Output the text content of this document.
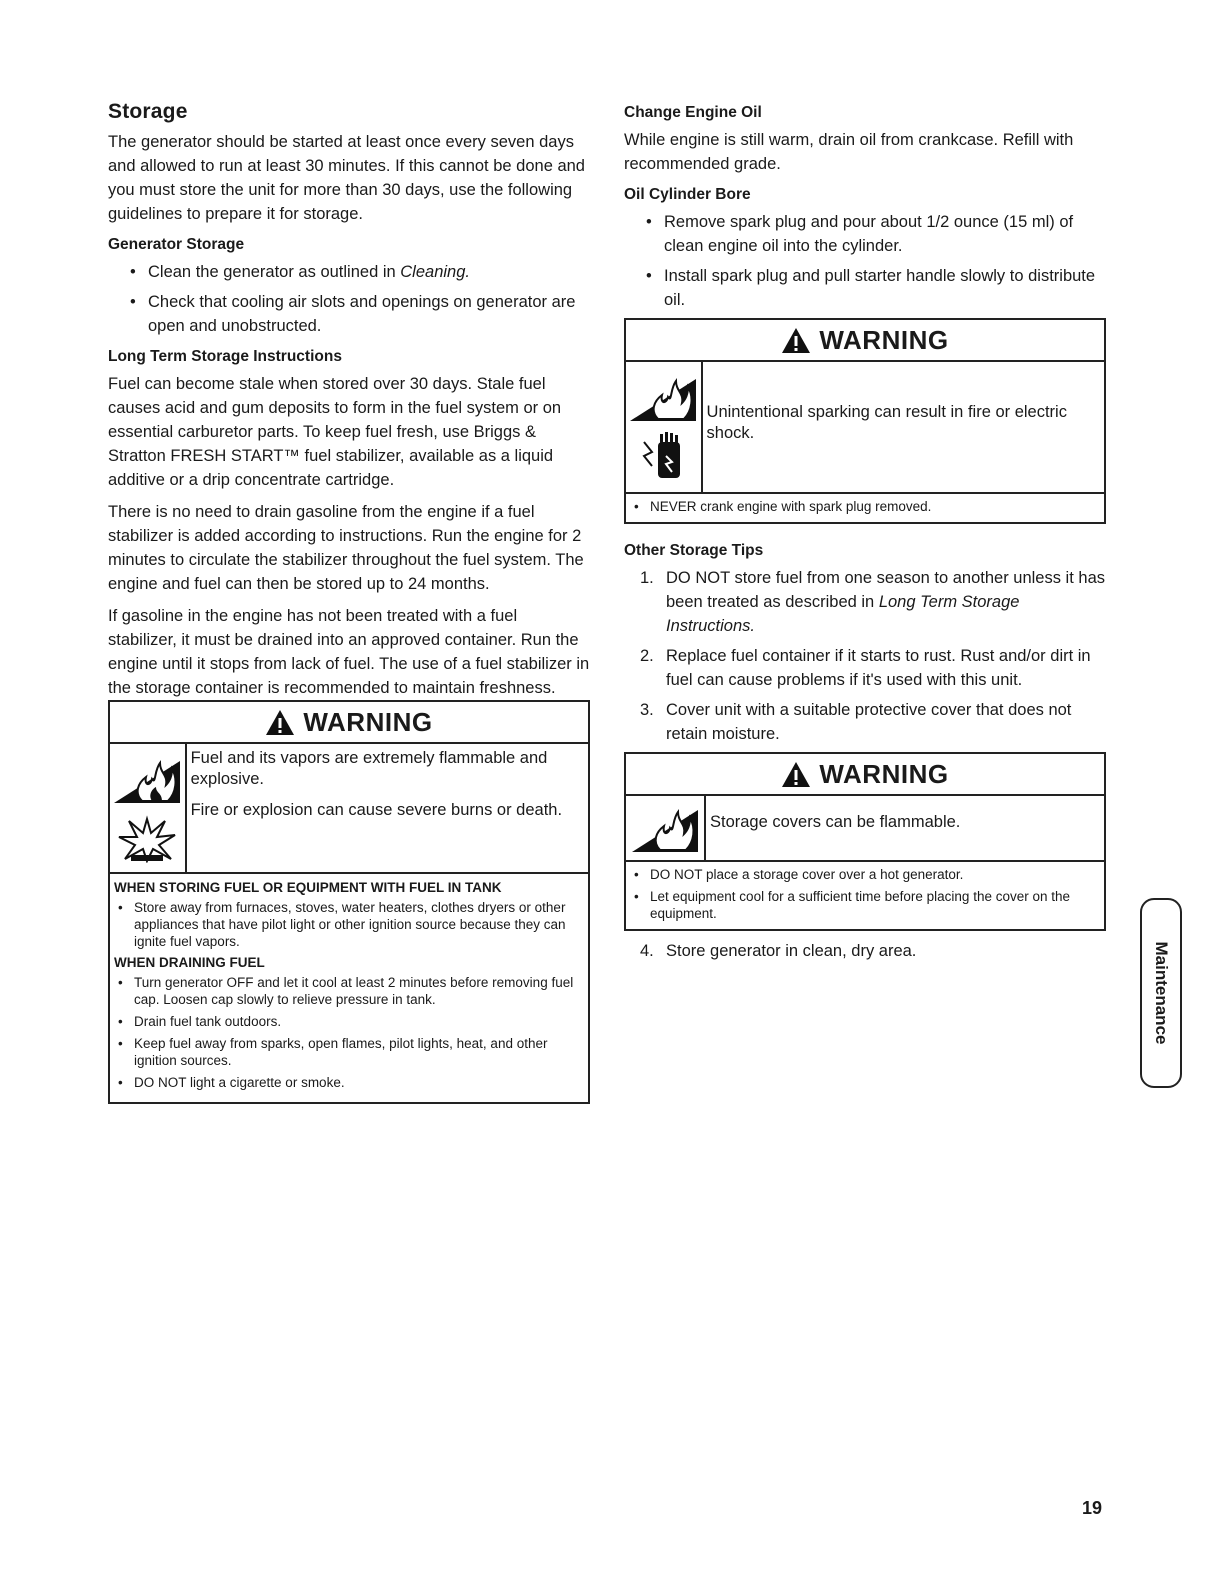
Storage

The generator should be started at least once every seven days and allowed to run at least 30 minutes. If this cannot be done and you must store the unit for more than 30 days, use the following guidelines to prepare it for storage.

Generator Storage
• Clean the generator as outlined in Cleaning.
• Check that cooling air slots and openings on generator are open and unobstructed.
Long Term Storage Instructions

Fuel can become stale when stored over 30 days. Stale fuel causes acid and gum deposits to form in the fuel system or on essential carburetor parts. To keep fuel fresh, use Briggs & Stratton FRESH START™ fuel stabilizer, available as a liquid additive or a drip concentrate cartridge.

There is no need to drain gasoline from the engine if a fuel stabilizer is added according to instructions. Run the engine for 2 minutes to circulate the stabilizer throughout the fuel system. The engine and fuel can then be stored up to 24 months.

If gasoline in the engine has not been treated with a fuel stabilizer, it must be drained into an approved container. Run the engine until it stops from lack of fuel. The use of a fuel stabilizer in the storage container is recommended to maintain freshness.

WARNING

Fuel and its vapors are extremely flammable and explosive.

Fire or explosion can cause severe burns or death.

WHEN STORING FUEL OR EQUIPMENT WITH FUEL IN TANK
• Store away from furnaces, stoves, water heaters, clothes dryers or other appliances that have pilot light or other ignition source because they can ignite fuel vapors.
WHEN DRAINING FUEL
• Turn generator OFF and let it cool at least 2 minutes before removing fuel cap. Loosen cap slowly to relieve pressure in tank.
• Drain fuel tank outdoors.
• Keep fuel away from sparks, open flames, pilot lights, heat, and other ignition sources.
• DO NOT light a cigarette or smoke.
Change Engine Oil

While engine is still warm, drain oil from crankcase. Refill with recommended grade.

Oil Cylinder Bore
• Remove spark plug and pour about 1/2 ounce (15 ml) of clean engine oil into the cylinder.
• Install spark plug and pull starter handle slowly to distribute oil.
WARNING

Unintentional sparking can result in fire or electric shock.

• NEVER crank engine with spark plug removed.
Other Storage Tips
1. DO NOT store fuel from one season to another unless it has been treated as described in Long Term Storage Instructions.
2. Replace fuel container if it starts to rust. Rust and/or dirt in fuel can cause problems if it's used with this unit.
3. Cover unit with a suitable protective cover that does not retain moisture.
WARNING

Storage covers can be flammable.

• DO NOT place a storage cover over a hot generator.
• Let equipment cool for a sufficient time before placing the cover on the equipment.
4. Store generator in clean, dry area.	Maintenance
19
